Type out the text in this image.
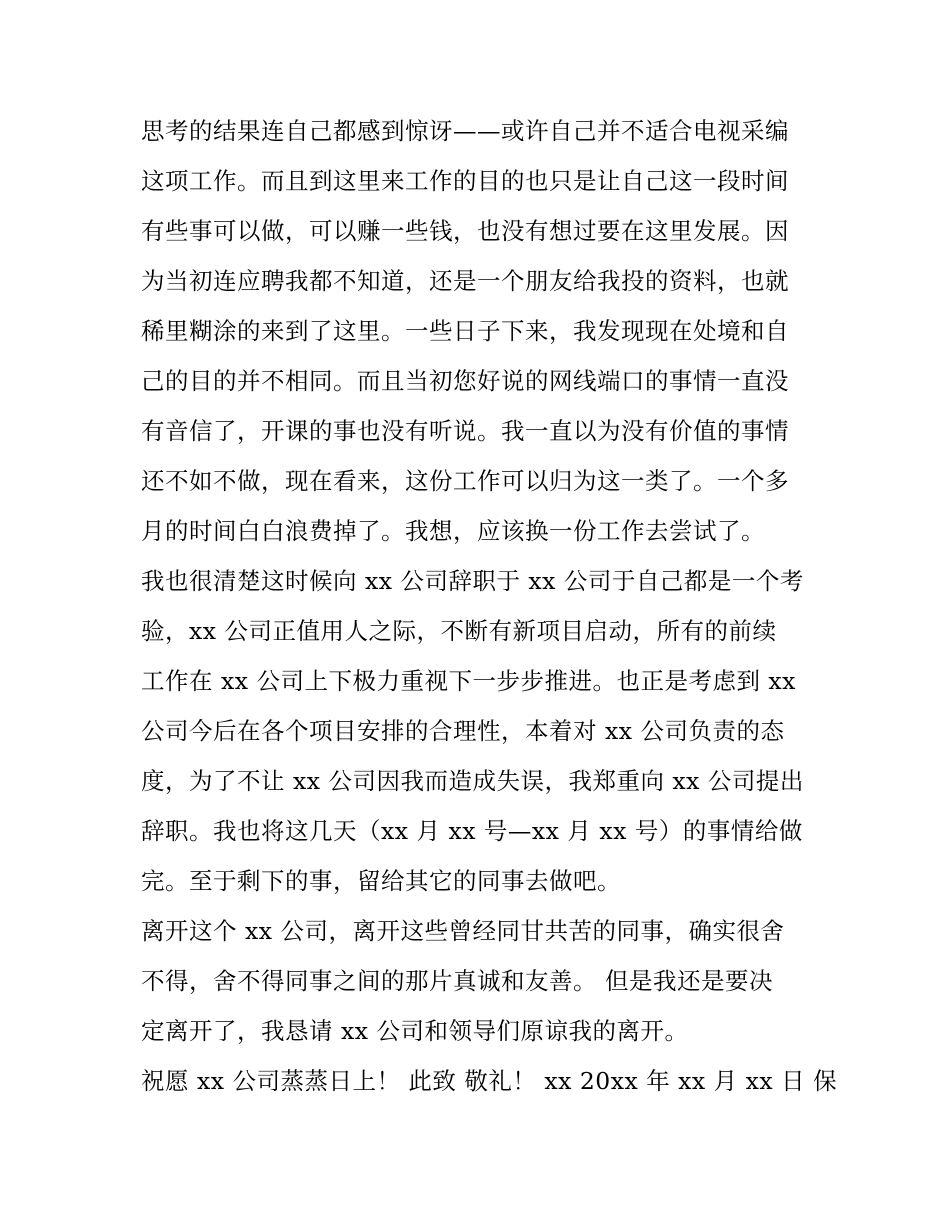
思考的结果连自己都感到惊讶——或许自己并不适合电视采编
这项工作。而且到这里来工作的目的也只是让自己这一段时间
有些事可以做，可以赚一些钱，也没有想过要在这里发展。因
为当初连应聘我都不知道，还是一个朋友给我投的资料，也就
稀里糊涂的来到了这里。一些日子下来，我发现现在处境和自
己的目的并不相同。而且当初您好说的网线端口的事情一直没
有音信了，开课的事也没有听说。我一直以为没有价值的事情
还不如不做，现在看来，这份工作可以归为这一类了。一个多
月的时间白白浪费掉了。我想，应该换一份工作去尝试了。
我也很清楚这时候向 xx 公司辞职于 xx 公司于自己都是一个考
验，xx 公司正值用人之际，不断有新项目启动，所有的前续
工作在 xx 公司上下极力重视下一步步推进。也正是考虑到 xx
公司今后在各个项目安排的合理性，本着对 xx 公司负责的态
度，为了不让 xx 公司因我而造成失误，我郑重向 xx 公司提出
辞职。我也将这几天（xx 月 xx 号—xx 月 xx 号）的事情给做
完。至于剩下的事，留给其它的同事去做吧。
离开这个 xx 公司，离开这些曾经同甘共苦的同事，确实很舍
不得，舍不得同事之间的那片真诚和友善。 但是我还是要决
定离开了，我恳请 xx 公司和领导们原谅我的离开。
祝愿 xx 公司蒸蒸日上！ 此致 敬礼！ xx 20xx 年 xx 月 xx 日 保
